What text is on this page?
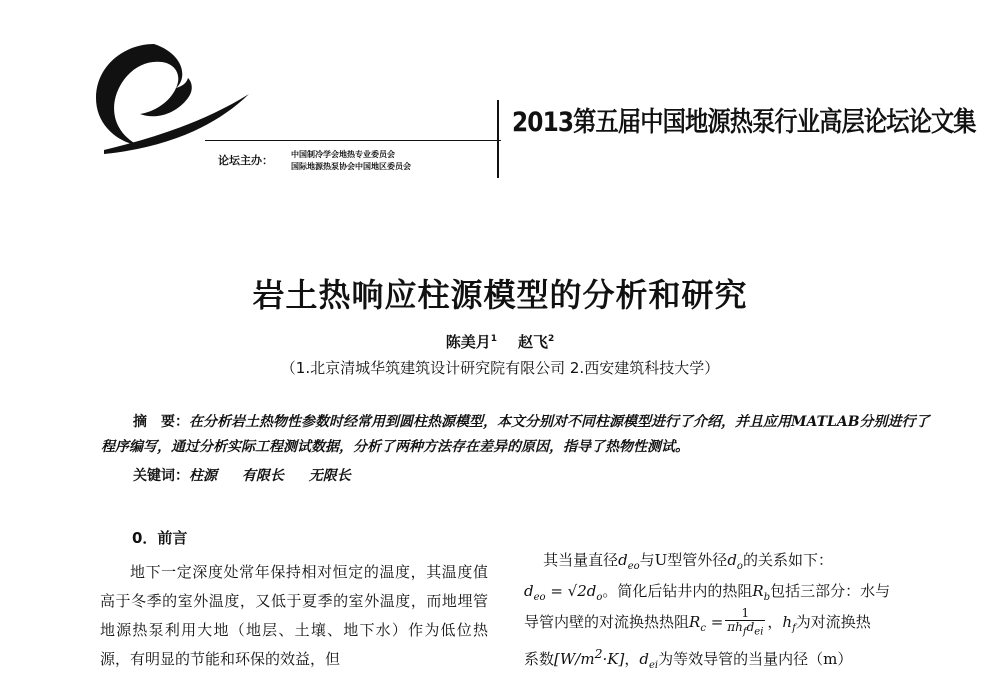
2013第五届中国地源热泵行业高层论坛论文集
论坛主办： 中国制冷学会地热专业委员会
国际地源热泵协会中国地区委员会
岩土热响应柱源模型的分析和研究
陈美月$^1$ 赵飞$^2$
（1.北京清城华筑建筑设计研究院有限公司 2.西安建筑科技大学）
摘　要：在分析岩土热物性参数时经常用到圆柱热源模型，本文分别对不同柱源模型进行了介绍，并且应用MATLAB分别进行了程序编写，通过分析实际工程测试数据，分析了两种方法存在差异的原因，指导了热物性测试。
关键词：柱源 有限长 无限长
0．前言
地下一定深度处常年保持相对恒定的温度，其温度值高于冬季的室外温度，又低于夏季的室外温度，而地埋管地源热泵利用大地（地层、土壤、地下水）作为低位热源，有明显的节能和环保的效益，但
其当量直径$d_{eo}$与U型管外径$d_o$的关系如下：
$d_{eo} = √2d_o$。简化后钻井内的热阻$R_b$包括三部分：水与
导管内壁的对流换热热阻$R_c = \frac{1}{\pi h_fd_{ei}}$ ，$h_f$为对流换热
系数$[W/m^2\cdot K]$，$d_{ei}$为等效导管的当量内径（m）
